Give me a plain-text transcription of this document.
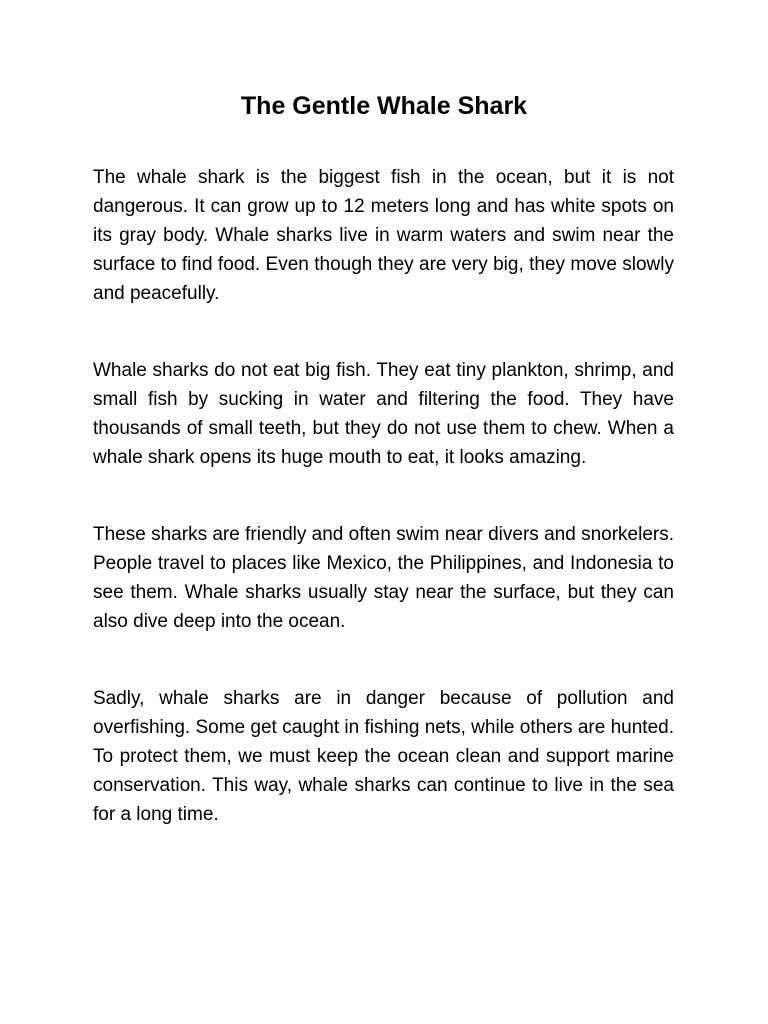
The Gentle Whale Shark

The whale shark is the biggest fish in the ocean, but it is not dangerous. It can grow up to 12 meters long and has white spots on its gray body. Whale sharks live in warm waters and swim near the surface to find food. Even though they are very big, they move slowly and peacefully.

Whale sharks do not eat big fish. They eat tiny plankton, shrimp, and small fish by sucking in water and filtering the food. They have thousands of small teeth, but they do not use them to chew. When a whale shark opens its huge mouth to eat, it looks amazing.

These sharks are friendly and often swim near divers and snorkelers. People travel to places like Mexico, the Philippines, and Indonesia to see them. Whale sharks usually stay near the surface, but they can also dive deep into the ocean.

Sadly, whale sharks are in danger because of pollution and overfishing. Some get caught in fishing nets, while others are hunted. To protect them, we must keep the ocean clean and support marine conservation. This way, whale sharks can continue to live in the sea for a long time.
